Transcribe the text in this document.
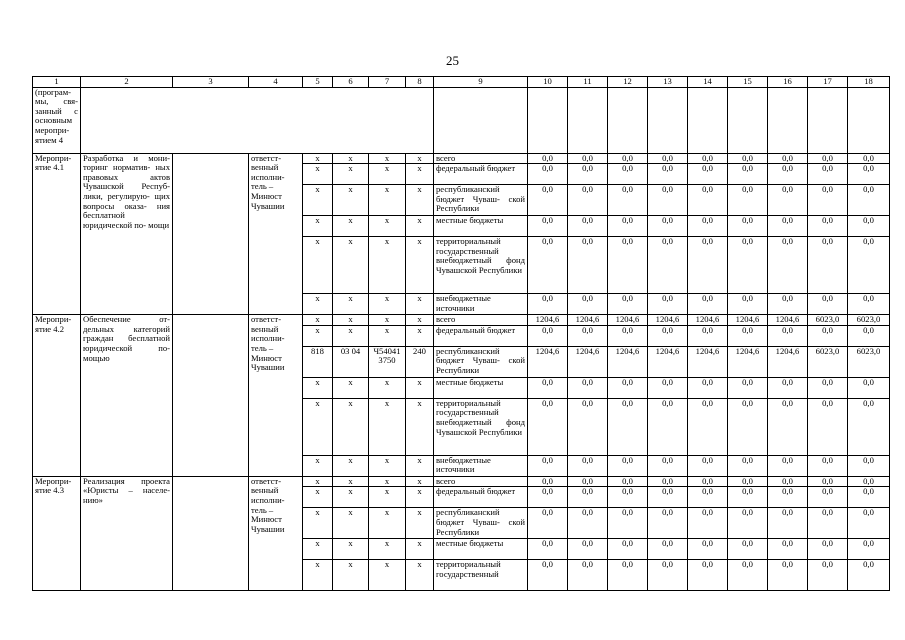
25
1	2	3	4	5	6	7	8	9	10	11	12	13	14	15	16	17	18
(програм- мы, свя- занный с основным меропри- ятием 4																	
Меропри- ятие 4.1	Разработка и мони- торинг норматив- ных правовых актов Чувашской Респуб- лики, регулирую- щих вопросы оказа- ния бесплатной юридической по- мощи		ответст- венный исполни- тель – Минюст Чувашии	x	x	x	x	всего	0,0	0,0	0,0	0,0	0,0	0,0	0,0	0,0	0,0
				x	x	x	x	федеральный бюджет	0,0	0,0	0,0	0,0	0,0	0,0	0,0	0,0	0,0
				x	x	x	x	республиканский бюджет Чуваш- ской Республики	0,0	0,0	0,0	0,0	0,0	0,0	0,0	0,0	0,0
				x	x	x	x	местные бюджеты	0,0	0,0	0,0	0,0	0,0	0,0	0,0	0,0	0,0
				x	x	x	x	территориальный государственный внебюджетный фонд Чувашской Республики	0,0	0,0	0,0	0,0	0,0	0,0	0,0	0,0	0,0
				x	x	x	x	внебюджетные источники	0,0	0,0	0,0	0,0	0,0	0,0	0,0	0,0	0,0
Меропри- ятие 4.2	Обеспечение от- дельных категорий граждан бесплатной юридической по- мощью		ответст- венный исполни- тель – Минюст Чувашии	x	x	x	x	всего	1204,6	1204,6	1204,6	1204,6	1204,6	1204,6	1204,6	6023,0	6023,0
				x	x	x	x	федеральный бюджет	0,0	0,0	0,0	0,0	0,0	0,0	0,0	0,0	0,0
				818	03 04	Ч54041 3750	240	республиканский бюджет Чуваш- ской Республики	1204,6	1204,6	1204,6	1204,6	1204,6	1204,6	1204,6	6023,0	6023,0
				x	x	x	x	местные бюджеты	0,0	0,0	0,0	0,0	0,0	0,0	0,0	0,0	0,0
				x	x	x	x	территориальный государственный внебюджетный фонд Чувашской Республики	0,0	0,0	0,0	0,0	0,0	0,0	0,0	0,0	0,0
				x	x	x	x	внебюджетные источники	0,0	0,0	0,0	0,0	0,0	0,0	0,0	0,0	0,0
Меропри- ятие 4.3	Реализация проекта «Юристы – населе- нию»		ответст- венный исполни- тель – Минюст Чувашии	x	x	x	x	всего	0,0	0,0	0,0	0,0	0,0	0,0	0,0	0,0	0,0
				x	x	x	x	федеральный бюджет	0,0	0,0	0,0	0,0	0,0	0,0	0,0	0,0	0,0
				x	x	x	x	республиканский бюджет Чуваш- ской Республики	0,0	0,0	0,0	0,0	0,0	0,0	0,0	0,0	0,0
				x	x	x	x	местные бюджеты	0,0	0,0	0,0	0,0	0,0	0,0	0,0	0,0	0,0
				x	x	x	x	территориальный государственный	0,0	0,0	0,0	0,0	0,0	0,0	0,0	0,0	0,0
